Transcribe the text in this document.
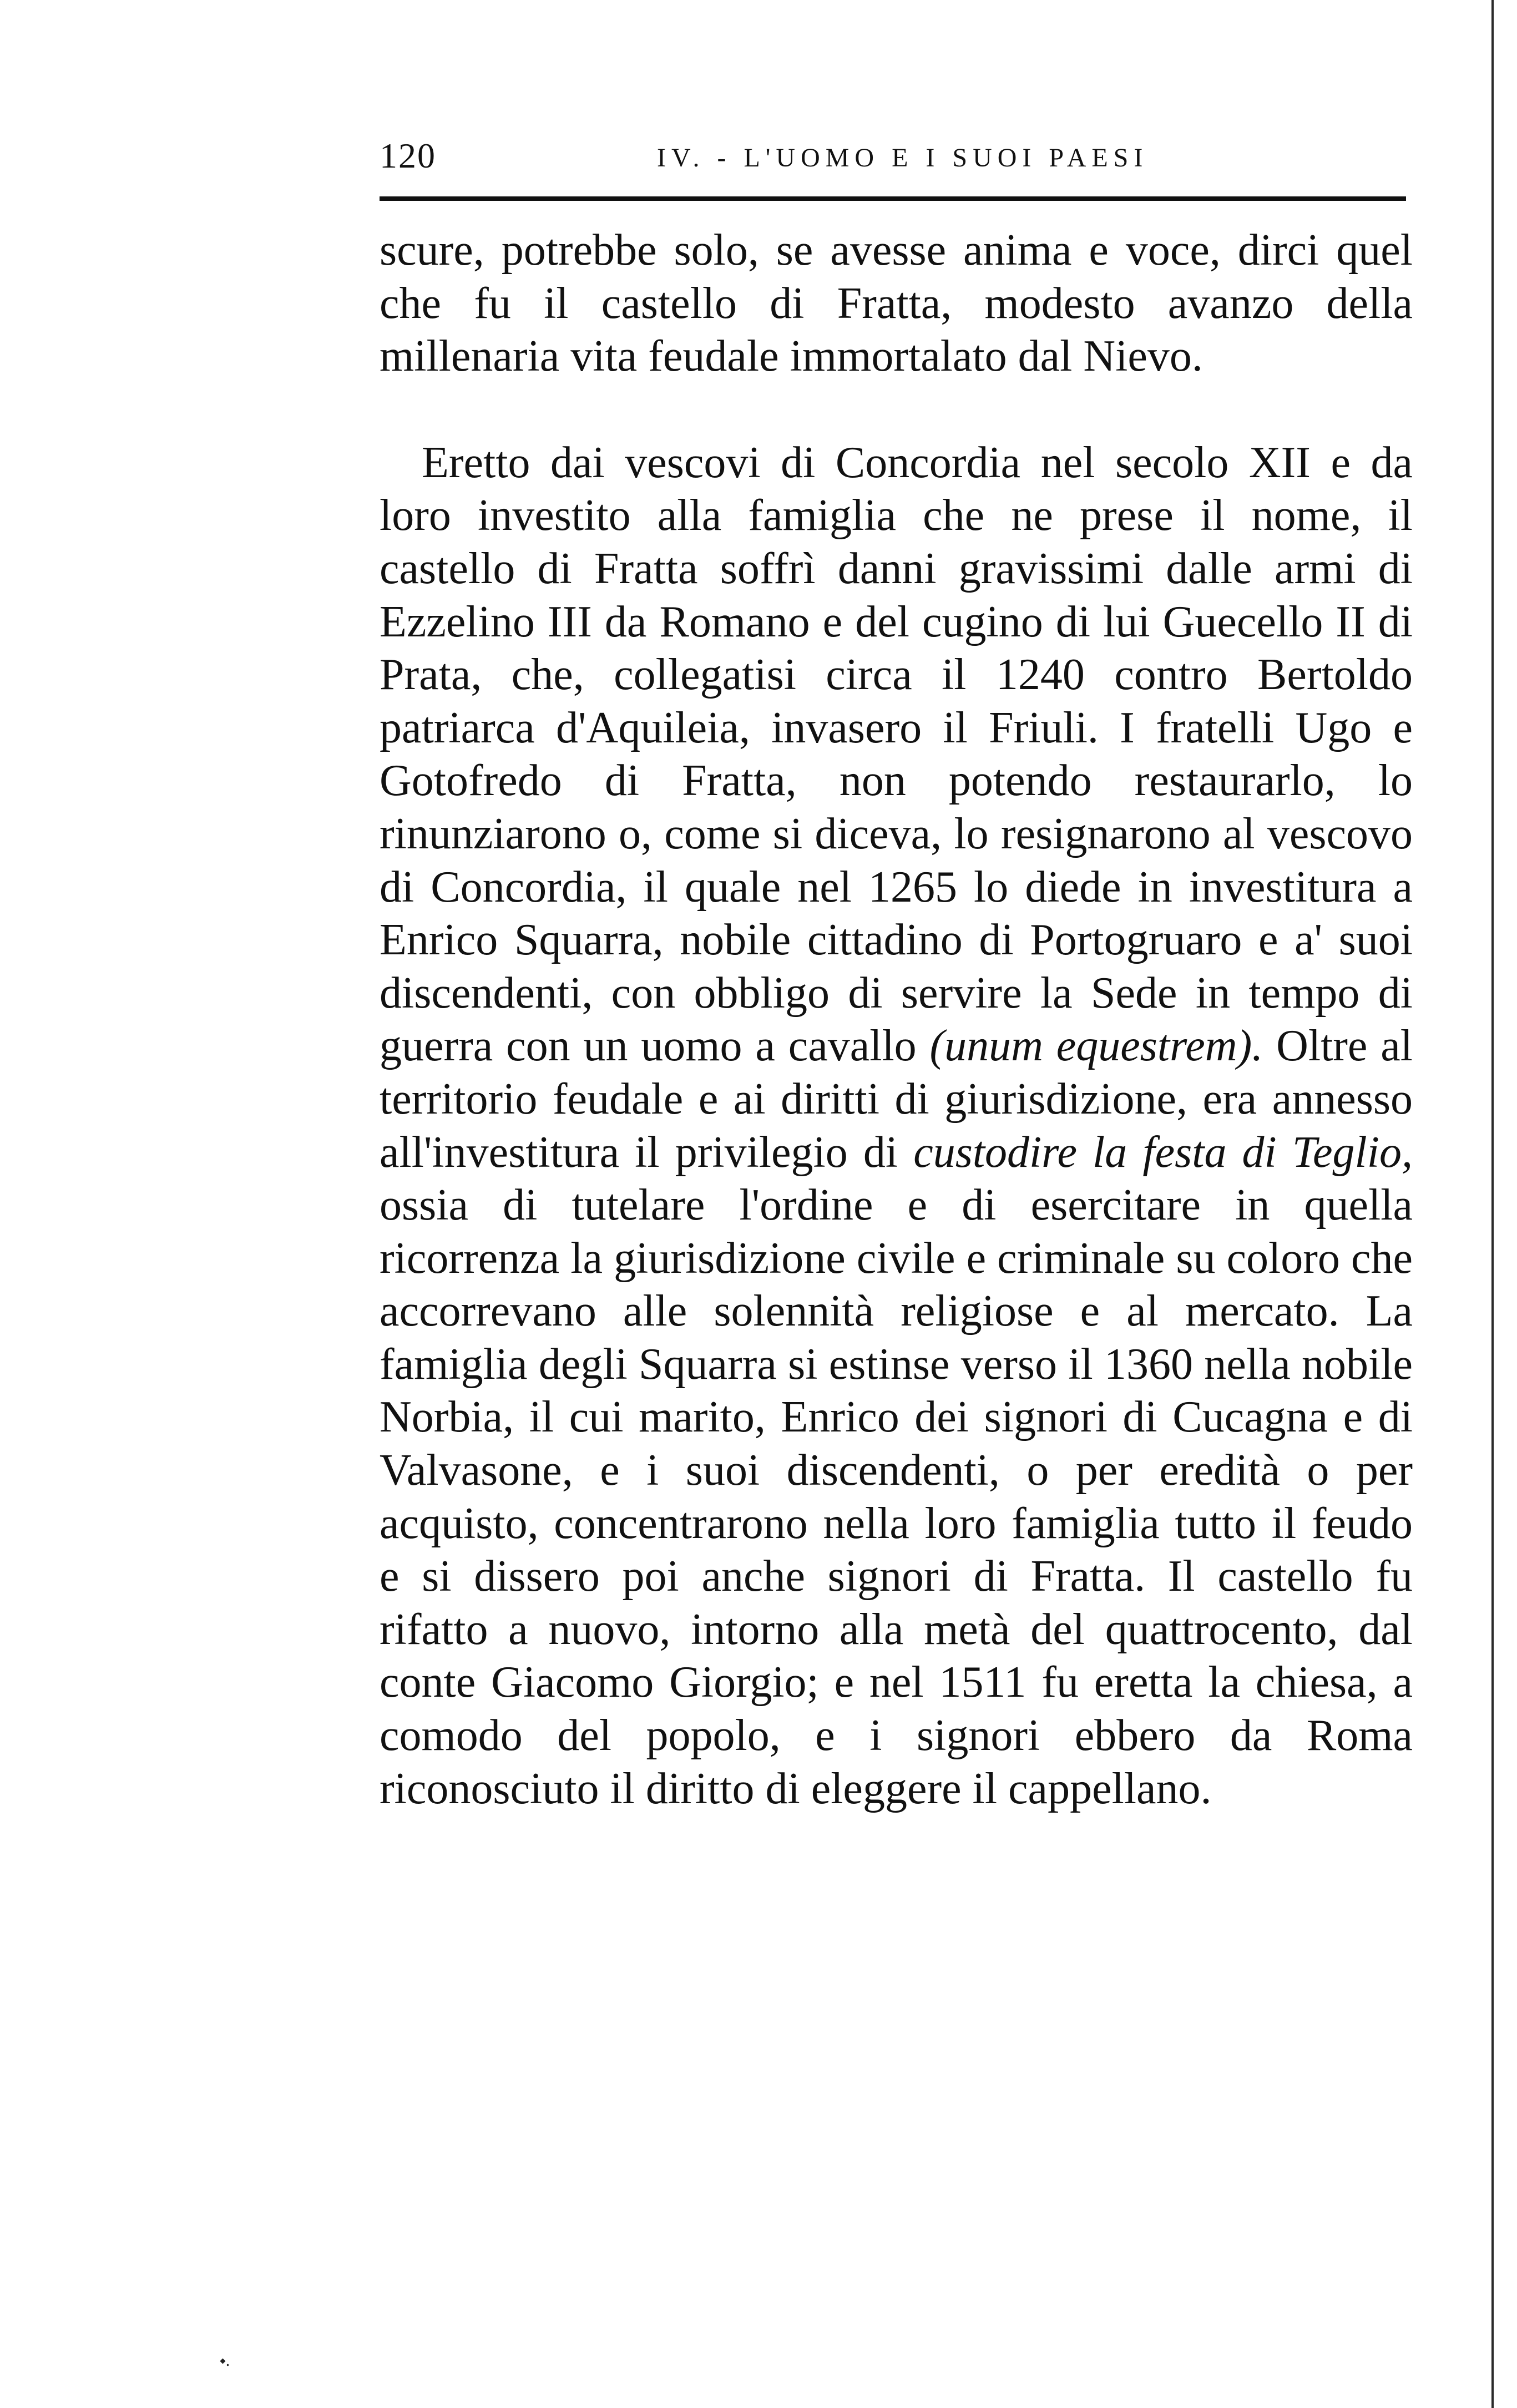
120	IV. - L'UOMO E I SUOI PAESI

scure, potrebbe solo, se avesse anima e voce, dirci quel che fu il castello di Fratta, modesto avanzo della millenaria vita feudale immortalato dal Nievo.

Eretto dai vescovi di Concordia nel secolo XII e da loro investito alla famiglia che ne prese il nome, il castello di Fratta soffrì danni gravissimi dalle armi di Ezzelino III da Romano e del cugino di lui Guecello II di Prata, che, collegatisi circa il 1240 contro Bertoldo patriarca d'Aquileia, invasero il Friuli. I fratelli Ugo e Gotofredo di Fratta, non potendo restaurarlo, lo rinunziarono o, come si diceva, lo resignarono al vescovo di Concordia, il quale nel 1265 lo diede in investitura a Enrico Squarra, nobile cittadino di Portogruaro e a' suoi discendenti, con obbligo di servire la Sede in tempo di guerra con un uomo a cavallo (unum equestrem). Oltre al territorio feudale e ai diritti di giurisdizione, era annesso all'investitura il privilegio di custodire la festa di Teglio, ossia di tutelare l'ordine e di esercitare in quella ricorrenza la giurisdizione civile e criminale su coloro che accorrevano alle solennità religiose e al mercato. La famiglia degli Squarra si estinse verso il 1360 nella nobile Norbia, il cui marito, Enrico dei signori di Cucagna e di Valvasone, e i suoi discendenti, o per eredità o per acquisto, concentrarono nella loro famiglia tutto il feudo e si dissero poi anche signori di Fratta. Il castello fu rifatto a nuovo, intorno alla metà del quattrocento, dal conte Giacomo Giorgio; e nel 1511 fu eretta la chiesa, a comodo del popolo, e i signori ebbero da Roma riconosciuto il diritto di eleggere il cappellano.

⬩.
